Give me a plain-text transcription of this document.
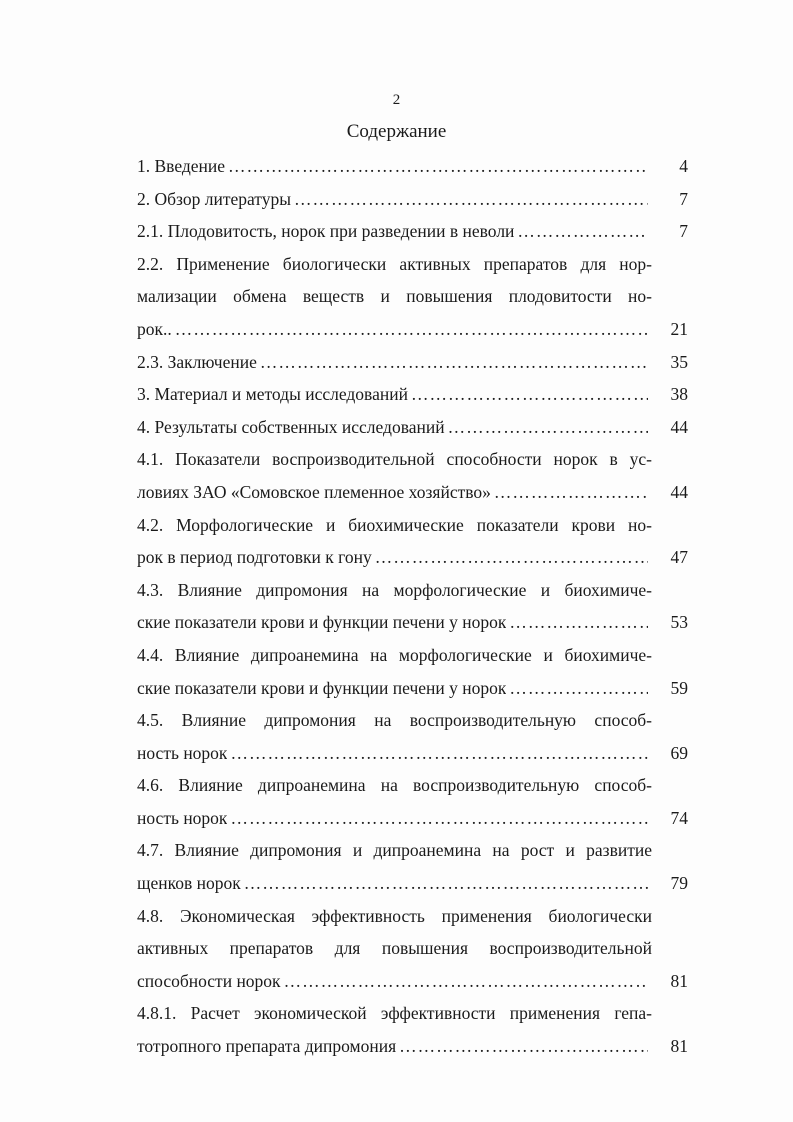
2
Содержание
1. Введение …………………………………………………………………………………………………………………………………………………………………………………………	4
2. Обзор литературы …………………………………………………………………………………………………………………………………………………………………………………………	7
2.1. Плодовитость, норок при разведении в неволи …………………………………………………………………………………………………………………………………………………………………………………………	7
2.2. Применение биологически активных препаратов для нор-
мализации обмена веществ и повышения плодовитости но-
рок.. …………………………………………………………………………………………………………………………………………………………………………………………	21
2.3. Заключение …………………………………………………………………………………………………………………………………………………………………………………………	35
3. Материал и методы исследований …………………………………………………………………………………………………………………………………………………………………………………………	38
4. Результаты собственных исследований …………………………………………………………………………………………………………………………………………………………………………………………	44
4.1. Показатели воспроизводительной способности норок в ус-
ловиях ЗАО «Сомовское племенное хозяйство» …………………………………………………………………………………………………………………………………………………………………………………………	44
4.2. Морфологические и биохимические показатели крови но-
рок в период подготовки к гону …………………………………………………………………………………………………………………………………………………………………………………………	47
4.3. Влияние дипромония на морфологические и биохимиче-
ские показатели крови и функции печени у норок …………………………………………………………………………………………………………………………………………………………………………………………	53
4.4. Влияние дипроанемина на морфологические и биохимиче-
ские показатели крови и функции печени у норок …………………………………………………………………………………………………………………………………………………………………………………………	59
4.5. Влияние дипромония на воспроизводительную способ-
ность норок …………………………………………………………………………………………………………………………………………………………………………………………	69
4.6. Влияние дипроанемина на воспроизводительную способ-
ность норок …………………………………………………………………………………………………………………………………………………………………………………………	74
4.7. Влияние дипромония и дипроанемина на рост и развитие
щенков норок …………………………………………………………………………………………………………………………………………………………………………………………	79
4.8. Экономическая эффективность применения биологически
активных препаратов для повышения воспроизводительной
способности норок …………………………………………………………………………………………………………………………………………………………………………………………	81
4.8.1. Расчет экономической эффективности применения гепа-
тотропного препарата дипромония …………………………………………………………………………………………………………………………………………………………………………………………	81
